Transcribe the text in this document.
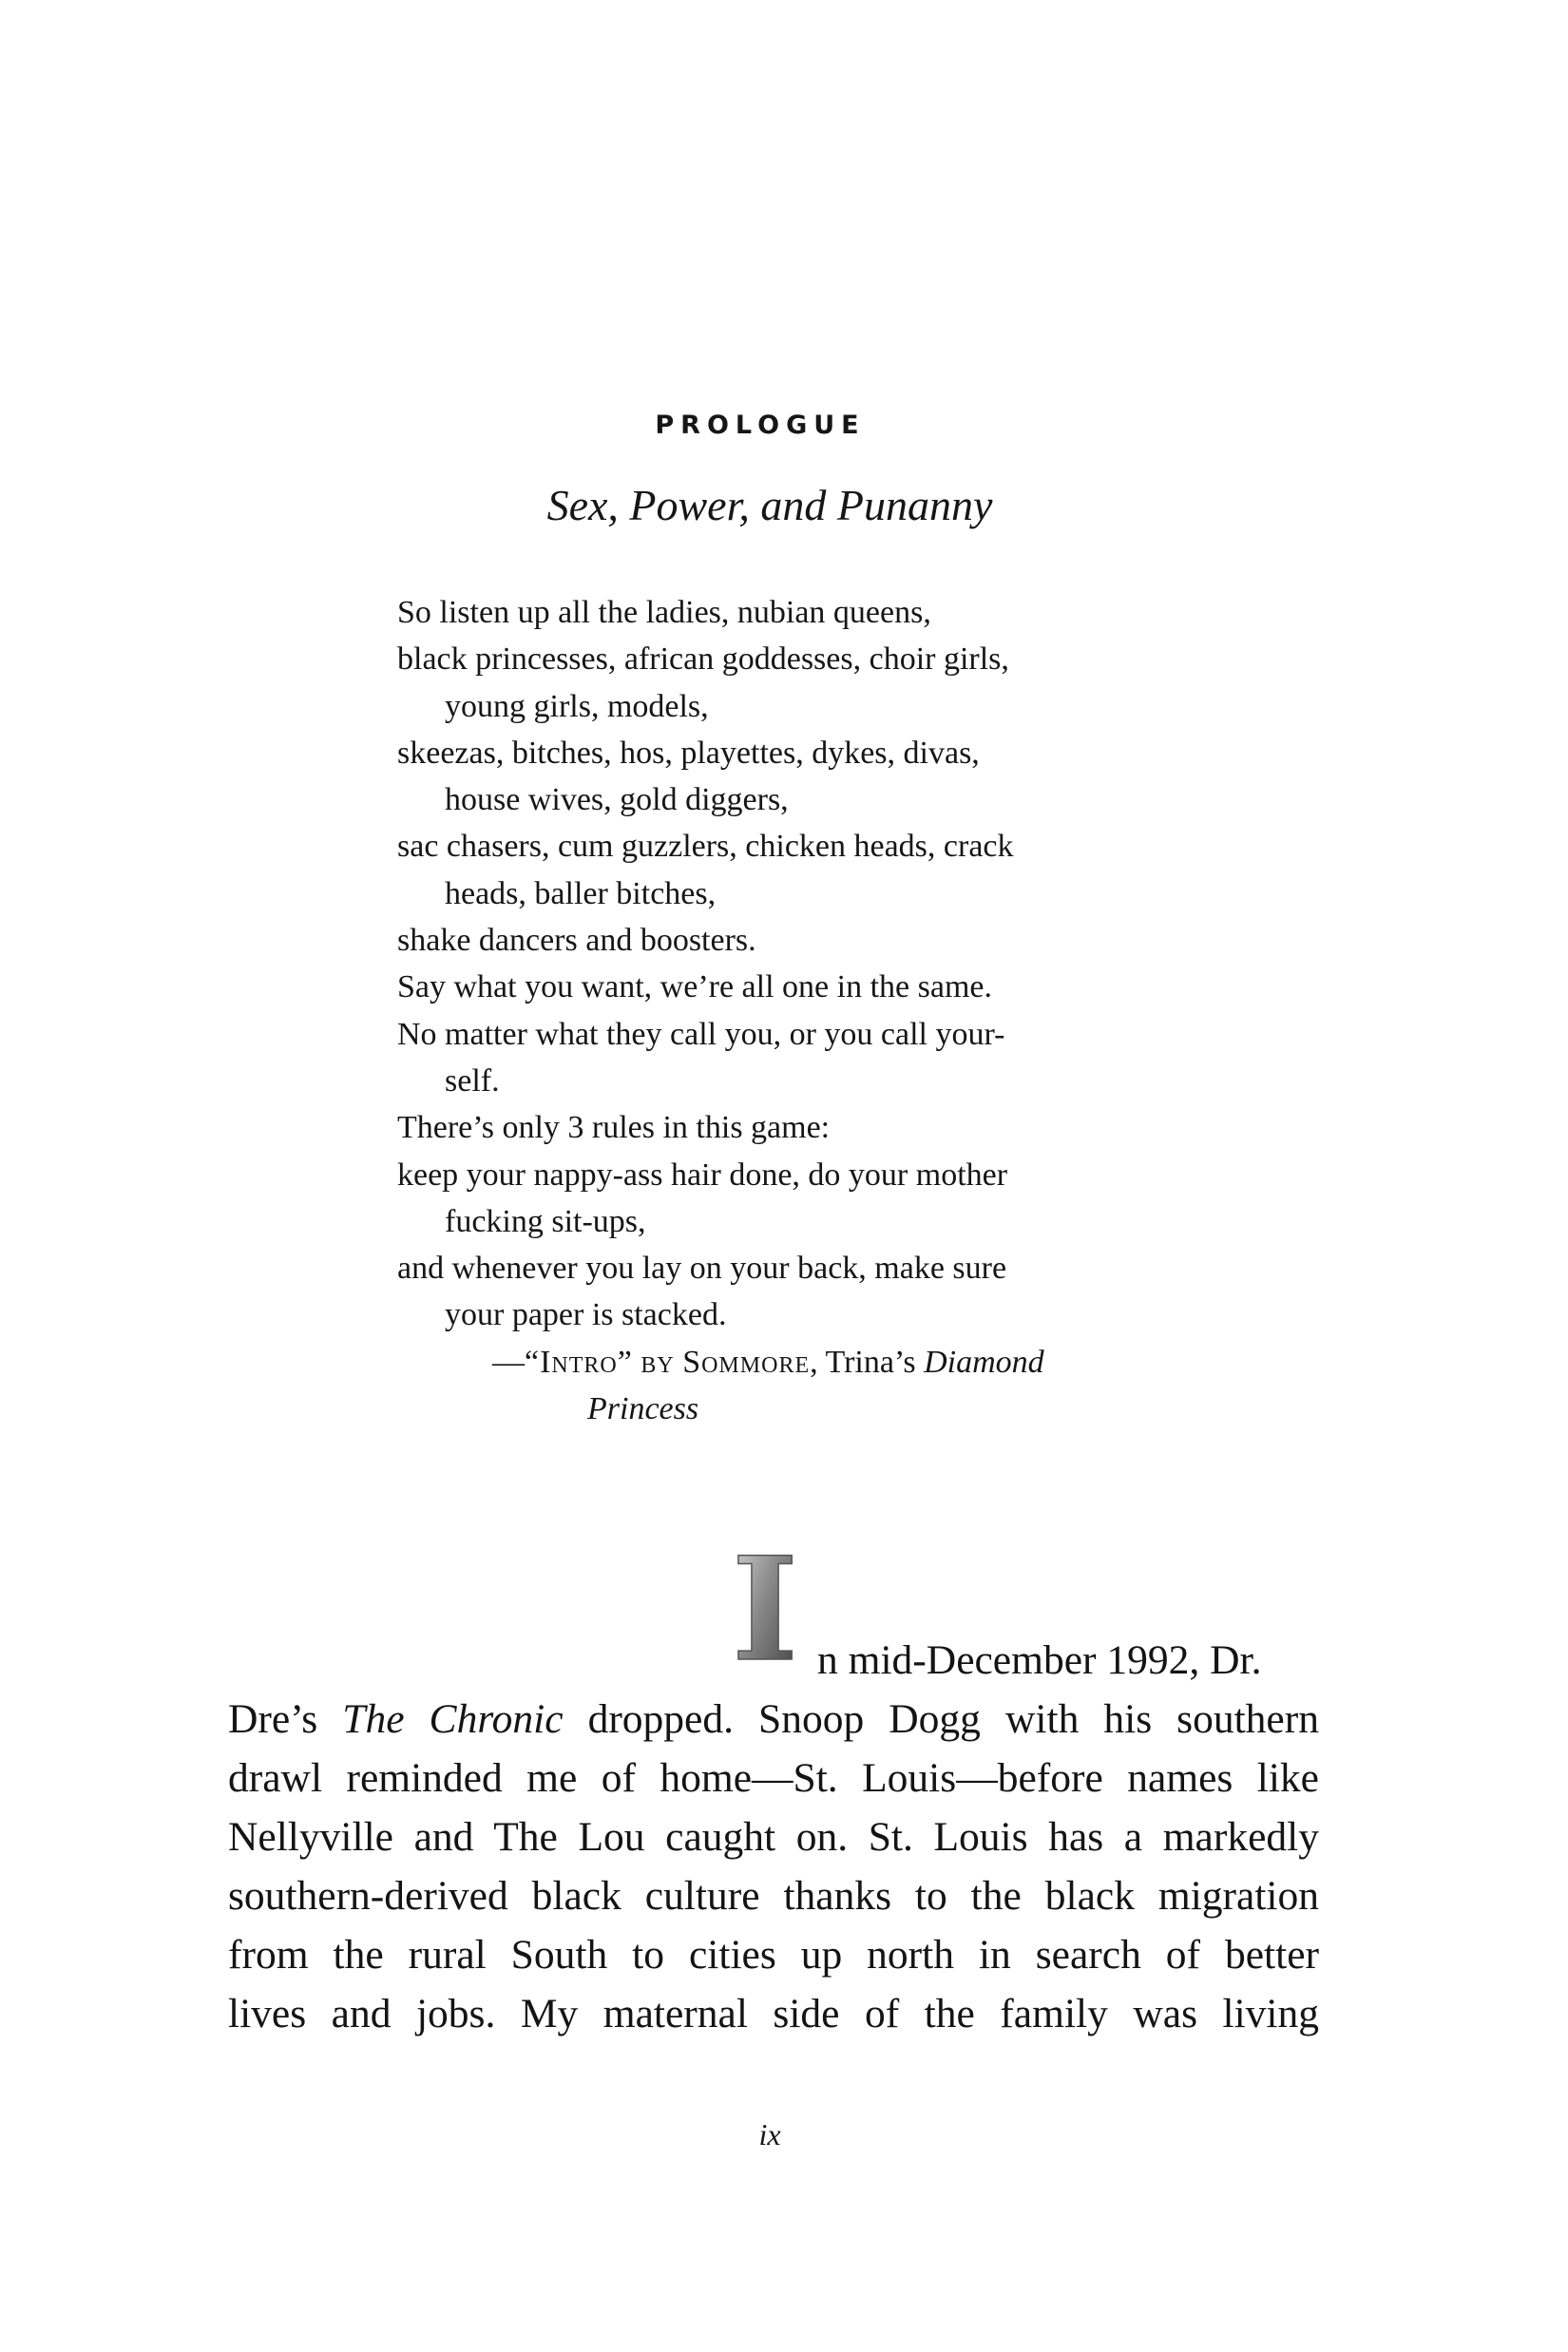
PROLOGUE
Sex, Power, and Punanny
So listen up all the ladies, nubian queens,
black princesses, african goddesses, choir girls,
young girls, models,
skeezas, bitches, hos, playettes, dykes, divas,
house wives, gold diggers,
sac chasers, cum guzzlers, chicken heads, crack
heads, baller bitches,
shake dancers and boosters.
Say what you want, we’re all one in the same.
No matter what they call you, or you call your-
self.
There’s only 3 rules in this game:
keep your nappy-ass hair done, do your mother
fucking sit-ups,
and whenever you lay on your back, make sure
your paper is stacked.
—“Intro” by Sommore, Trina’s Diamond
Princess
I n mid-December 1992, Dr.
Dre’s The Chronic dropped. Snoop Dogg with his southern
drawl reminded me of home—St. Louis—before names like
Nellyville and The Lou caught on. St. Louis has a markedly
southern-derived black culture thanks to the black migration
from the rural South to cities up north in search of better
lives and jobs. My maternal side of the family was living
ix
